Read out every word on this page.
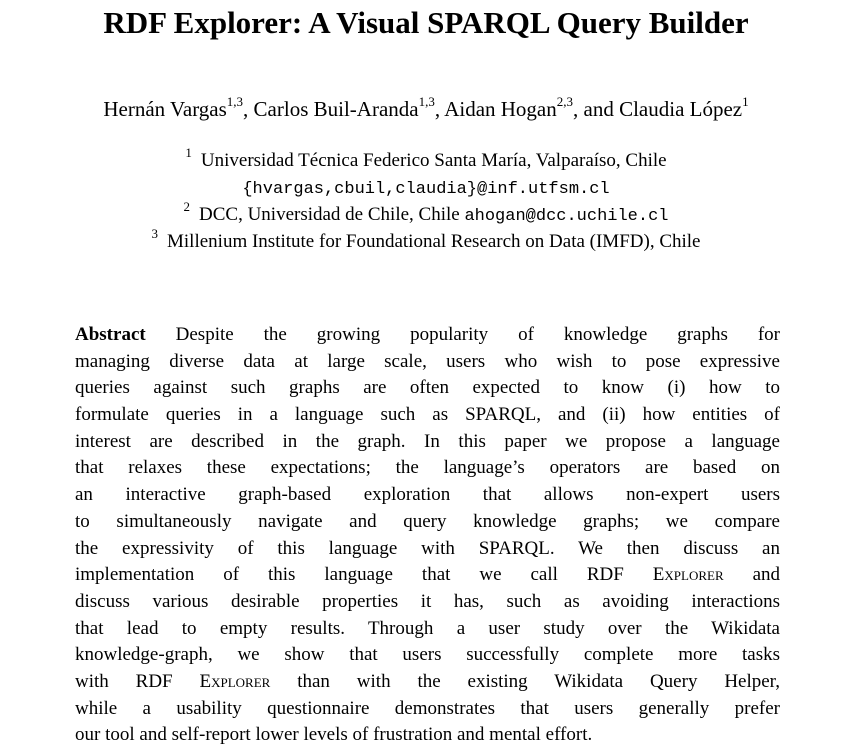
RDF Explorer: A Visual SPARQL Query Builder
Hernán Vargas$^{1,3}$, Carlos Buil-Aranda$^{1,3}$, Aidan Hogan$^{2,3}$, and Claudia López$^1$
$^1$ Universidad Técnica Federico Santa María, Valparaíso, Chile
{hvargas,cbuil,claudia}@inf.utfsm.cl
$^2$ DCC, Universidad de Chile, Chile ahogan@dcc.uchile.cl
$^3$ Millenium Institute for Foundational Research on Data (IMFD), Chile
Abstract Despite the growing popularity of knowledge graphs for
managing diverse data at large scale, users who wish to pose expressive
queries against such graphs are often expected to know (i) how to
formulate queries in a language such as SPARQL, and (ii) how entities of
interest are described in the graph. In this paper we propose a language
that relaxes these expectations; the language’s operators are based on
an interactive graph-based exploration that allows non-expert users
to simultaneously navigate and query knowledge graphs; we compare
the expressivity of this language with SPARQL. We then discuss an
implementation of this language that we call RDF Explorer and
discuss various desirable properties it has, such as avoiding interactions
that lead to empty results. Through a user study over the Wikidata
knowledge-graph, we show that users successfully complete more tasks
with RDF Explorer than with the existing Wikidata Query Helper,
while a usability questionnaire demonstrates that users generally prefer
our tool and self-report lower levels of frustration and mental effort.
